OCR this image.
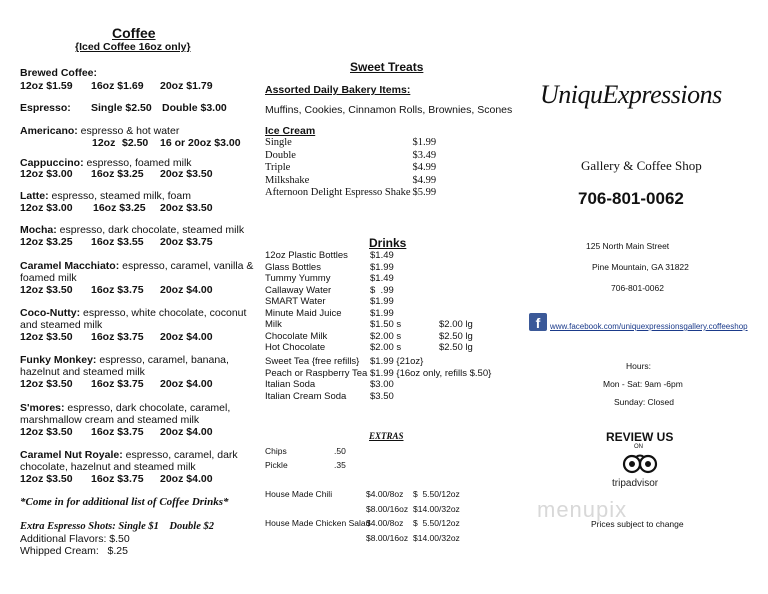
Coffee
{Iced Coffee 16oz only}
Brewed Coffee:
12oz $1.59 16oz $1.69 20oz $1.79
Espresso: Single $2.50 Double $3.00
Americano: espresso & hot water
12oz $2.50 16 or 20oz $3.00
Cappuccino: espresso, foamed milk
12oz $3.00 16oz $3.25 20oz $3.50
Latte: espresso, steamed milk, foam
12oz $3.00 16oz $3.25 20oz $3.50
Mocha: espresso, dark chocolate, steamed milk
12oz $3.25 16oz $3.55 20oz $3.75
Caramel Macchiato: espresso, caramel, vanilla &
foamed milk
12oz $3.50 16oz $3.75 20oz $4.00
Coco-Nutty: espresso, white chocolate, coconut
and steamed milk
12oz $3.50 16oz $3.75 20oz $4.00
Funky Monkey: espresso, caramel, banana,
hazelnut and steamed milk
12oz $3.50 16oz $3.75 20oz $4.00
S'mores: espresso, dark chocolate, caramel,
marshmallow cream and steamed milk
12oz $3.50 16oz $3.75 20oz $4.00
Caramel Nut Royale: espresso, caramel, dark
chocolate, hazelnut and steamed milk
12oz $3.50 16oz $3.75 20oz $4.00
*Come in for additional list of Coffee Drinks*
Extra Espresso Shots: Single $1    Double $2
Additional Flavors: $.50
Whipped Cream:   $.25
Sweet Treats
Assorted Daily Bakery Items:
Muffins, Cookies, Cinnamon Rolls, Brownies, Scones
Ice Cream
Single	$1.99
Double	$3.49
Triple	$4.99
Milkshake	$4.99
Afternoon Delight Espresso Shake	$5.99
Drinks
12oz Plastic Bottles $1.49
Glass Bottles	$1.99
Tummy Yummy	$1.49
Callaway Water	$  .99
SMART Water	$1.99
Minute Maid Juice	$1.99
Milk	$1.50 s	$2.00 lg
Chocolate Milk	$2.00 s	$2.50 lg
Hot Chocolate	$2.00 s	$2.50 lg
Sweet Tea {free refills} $1.99 {21oz}
Peach or Raspberry Tea $1.99 {16oz only, refills $.50}
Italian Soda	$3.00
Italian Cream Soda $3.50
EXTRAS
Chips	.50
Pickle	.35
House Made Chili	$4.00/8oz $  5.50/12oz
$8.00/16oz $14.00/32oz
House Made Chicken Salad
$4.00/8oz $  5.50/12oz
$8.00/16oz $14.00/32oz
UniquExpressions
Gallery & Coffee Shop
706-801-0062
125 North Main Street
Pine Mountain, GA 31822
706-801-0062
f	www.facebook.com/uniquexpressionsgallery.coffeeshop
Hours:
Mon - Sat: 9am -6pm
Sunday: Closed
REVIEW US
ON
tripadvisor
menupix
Prices subject to change
